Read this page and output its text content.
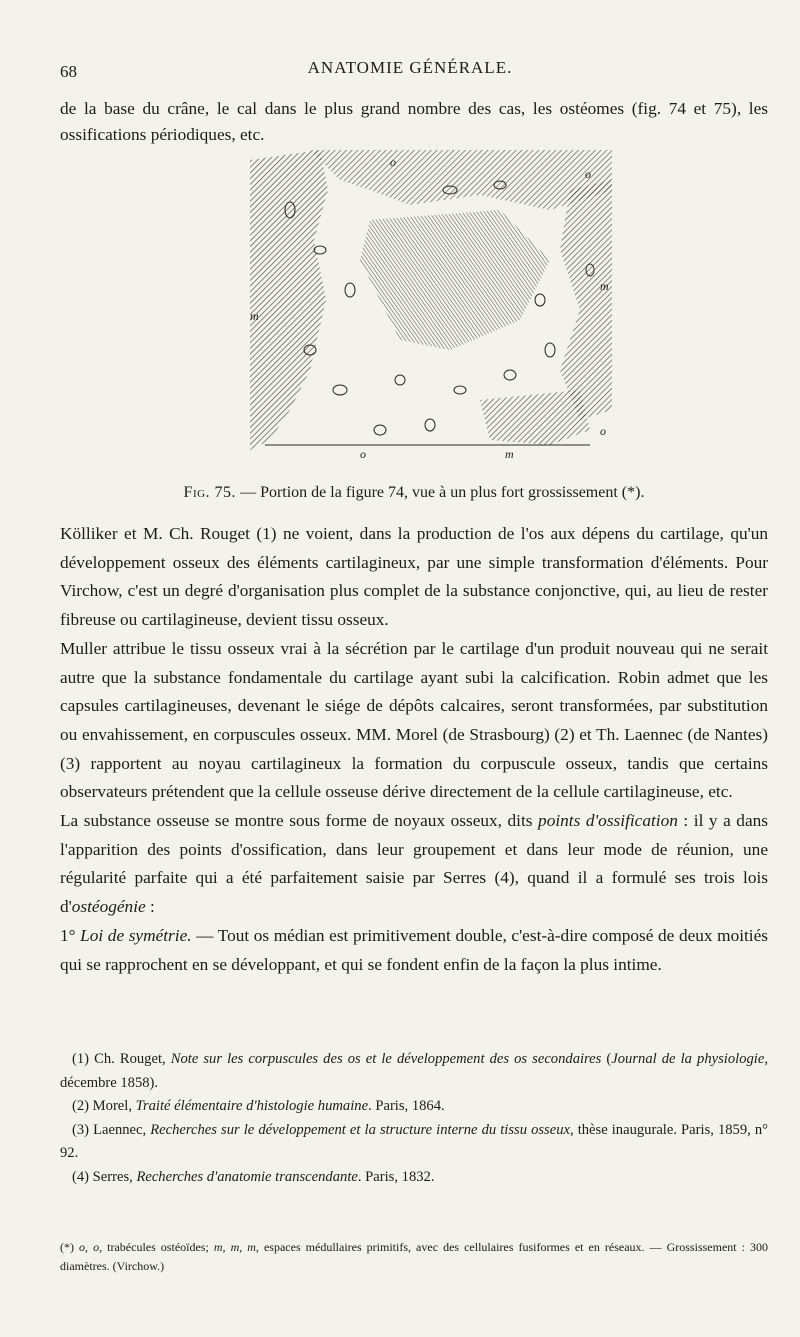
68	ANATOMIE GÉNÉRALE.

de la base du crâne, le cal dans le plus grand nombre des cas, les ostéomes (fig. 74 et 75), les ossifications périodiques, etc.

o
o
m
m
o	m
o
Fig. 75. — Portion de la figure 74, vue à un plus fort grossissement (*).

Kölliker et M. Ch. Rouget (1) ne voient, dans la production de l'os aux dépens du cartilage, qu'un développement osseux des éléments cartilagineux, par une simple transformation d'éléments. Pour Virchow, c'est un degré d'organisation plus complet de la substance conjonctive, qui, au lieu de rester fibreuse ou cartilagineuse, devient tissu osseux.

Muller attribue le tissu osseux vrai à la sécrétion par le cartilage d'un produit nouveau qui ne serait autre que la substance fondamentale du cartilage ayant subi la calcification. Robin admet que les capsules cartilagineuses, devenant le siége de dépôts calcaires, seront transformées, par substitution ou envahissement, en corpuscules osseux. MM. Morel (de Strasbourg) (2) et Th. Laennec (de Nantes) (3) rapportent au noyau cartilagineux la formation du corpuscule osseux, tandis que certains observateurs prétendent que la cellule osseuse dérive directement de la cellule cartilagineuse, etc.

La substance osseuse se montre sous forme de noyaux osseux, dits points d'ossification : il y a dans l'apparition des points d'ossification, dans leur groupement et dans leur mode de réunion, une régularité parfaite qui a été parfaitement saisie par Serres (4), quand il a formulé ses trois lois d'ostéogénie :

1° Loi de symétrie. — Tout os médian est primitivement double, c'est-à-dire composé de deux moitiés qui se rapprochent en se développant, et qui se fondent enfin de la façon la plus intime.

(1) Ch. Rouget, Note sur les corpuscules des os et le développement des os secondaires (Journal de la physiologie, décembre 1858).

(2) Morel, Traité élémentaire d'histologie humaine. Paris, 1864.

(3) Laennec, Recherches sur le développement et la structure interne du tissu osseux, thèse inaugurale. Paris, 1859, n° 92.

(4) Serres, Recherches d'anatomie transcendante. Paris, 1832.

(*) o, o, trabécules ostéoïdes; m, m, m, espaces médullaires primitifs, avec des cellulaires fusiformes et en réseaux. — Grossissement : 300 diamètres. (Virchow.)
